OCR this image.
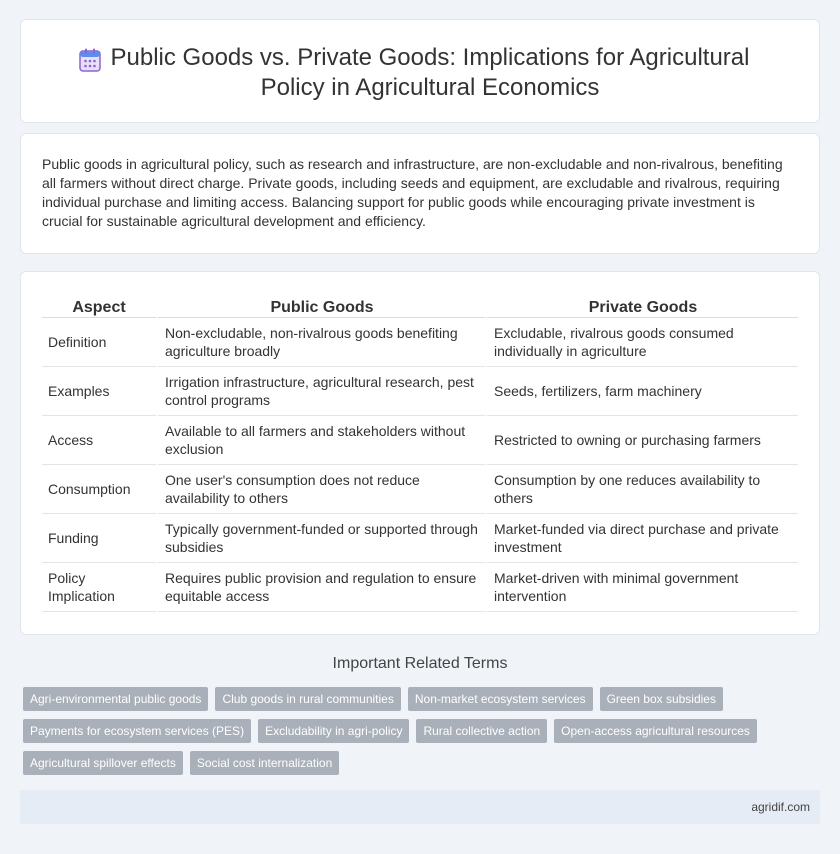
Public Goods vs. Private Goods: Implications for Agricultural Policy in Agricultural Economics

Public goods in agricultural policy, such as research and infrastructure, are non-excludable and non-rivalrous, benefiting all farmers without direct charge. Private goods, including seeds and equipment, are excludable and rivalrous, requiring individual purchase and limiting access. Balancing support for public goods while encouraging private investment is crucial for sustainable agricultural development and efficiency.

Aspect	Public Goods	Private Goods
Definition	Non-excludable, non-rivalrous goods benefiting agriculture broadly	Excludable, rivalrous goods consumed individually in agriculture
Examples	Irrigation infrastructure, agricultural research, pest control programs	Seeds, fertilizers, farm machinery
Access	Available to all farmers and stakeholders without exclusion	Restricted to owning or purchasing farmers
Consumption	One user's consumption does not reduce availability to others	Consumption by one reduces availability to others
Funding	Typically government-funded or supported through subsidies	Market-funded via direct purchase and private investment
Policy Implication	Requires public provision and regulation to ensure equitable access	Market-driven with minimal government intervention
Important Related Terms
Agri-environmental public goods	Club goods in rural communities	Non-market ecosystem services	Green box subsidies
Payments for ecosystem services (PES)	Excludability in agri-policy	Rural collective action	Open-access agricultural resources
Agricultural spillover effects	Social cost internalization
agridif.com
